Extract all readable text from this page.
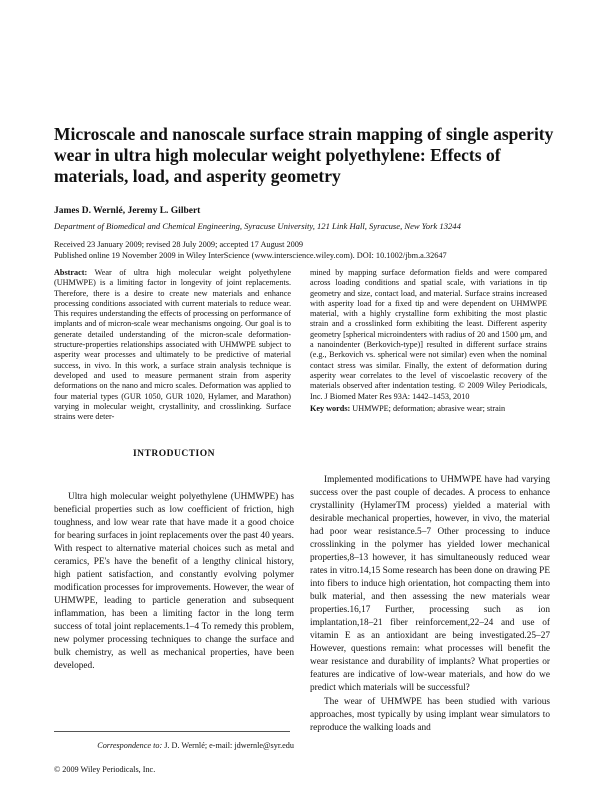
Microscale and nanoscale surface strain mapping of single asperity wear in ultra high molecular weight polyethylene: Effects of materials, load, and asperity geometry
James D. Wernlé, Jeremy L. Gilbert
Department of Biomedical and Chemical Engineering, Syracuse University, 121 Link Hall, Syracuse, New York 13244
Received 23 January 2009; revised 28 July 2009; accepted 17 August 2009
Published online 19 November 2009 in Wiley InterScience (www.interscience.wiley.com). DOI: 10.1002/jbm.a.32647

Abstract: Wear of ultra high molecular weight polyethylene (UHMWPE) is a limiting factor in longevity of joint replacements. Therefore, there is a desire to create new materials and enhance processing conditions associated with current materials to reduce wear. This requires understanding the effects of processing on performance of implants and of micron-scale wear mechanisms ongoing. Our goal is to generate detailed understanding of the micron-scale deformation-structure-properties relationships associated with UHMWPE subject to asperity wear processes and ultimately to be predictive of material success, in vivo. In this work, a surface strain analysis technique is developed and used to measure permanent strain from asperity deformations on the nano and micro scales. Deformation was applied to four material types (GUR 1050, GUR 1020, Hylamer, and Marathon) varying in molecular weight, crystallinity, and crosslinking. Surface strains were deter-

mined by mapping surface deformation fields and were compared across loading conditions and spatial scale, with variations in tip geometry and size, contact load, and material. Surface strains increased with asperity load for a fixed tip and were dependent on UHMWPE material, with a highly crystalline form exhibiting the most plastic strain and a crosslinked form exhibiting the least. Different asperity geometry [spherical microindenters with radius of 20 and 1500 μm, and a nanoindenter (Berkovich-type)] resulted in different surface strains (e.g., Berkovich vs. spherical were not similar) even when the nominal contact stress was similar. Finally, the extent of deformation during asperity wear correlates to the level of viscoelastic recovery of the materials observed after indentation testing. © 2009 Wiley Periodicals, Inc. J Biomed Mater Res 93A: 1442–1453, 2010

Key words: UHMWPE; deformation; abrasive wear; strain
INTRODUCTION

Ultra high molecular weight polyethylene (UHMWPE) has beneficial properties such as low coefficient of friction, high toughness, and low wear rate that have made it a good choice for bearing surfaces in joint replacements over the past 40 years. With respect to alternative material choices such as metal and ceramics, PE's have the benefit of a lengthy clinical history, high patient satisfaction, and constantly evolving polymer modification processes for improvements. However, the wear of UHMWPE, leading to particle generation and subsequent inflammation, has been a limiting factor in the long term success of total joint replacements.1–4 To remedy this problem, new polymer processing techniques to change the surface and bulk chemistry, as well as mechanical properties, have been developed.

Implemented modifications to UHMWPE have had varying success over the past couple of decades. A process to enhance crystallinity (HylamerTM process) yielded a material with desirable mechanical properties, however, in vivo, the material had poor wear resistance.5–7 Other processing to induce crosslinking in the polymer has yielded lower mechanical properties,8–13 however, it has simultaneously reduced wear rates in vitro.14,15 Some research has been done on drawing PE into fibers to induce high orientation, hot compacting them into bulk material, and then assessing the new materials wear properties.16,17 Further, processing such as ion implantation,18–21 fiber reinforcement,22–24 and use of vitamin E as an antioxidant are being investigated.25–27 However, questions remain: what processes will benefit the wear resistance and durability of implants? What properties or features are indicative of low-wear materials, and how do we predict which materials will be successful?

The wear of UHMWPE has been studied with various approaches, most typically by using implant wear simulators to reproduce the walking loads and

Correspondence to: J. D. Wernlé; e-mail: jdwernle@syr.edu
© 2009 Wiley Periodicals, Inc.
